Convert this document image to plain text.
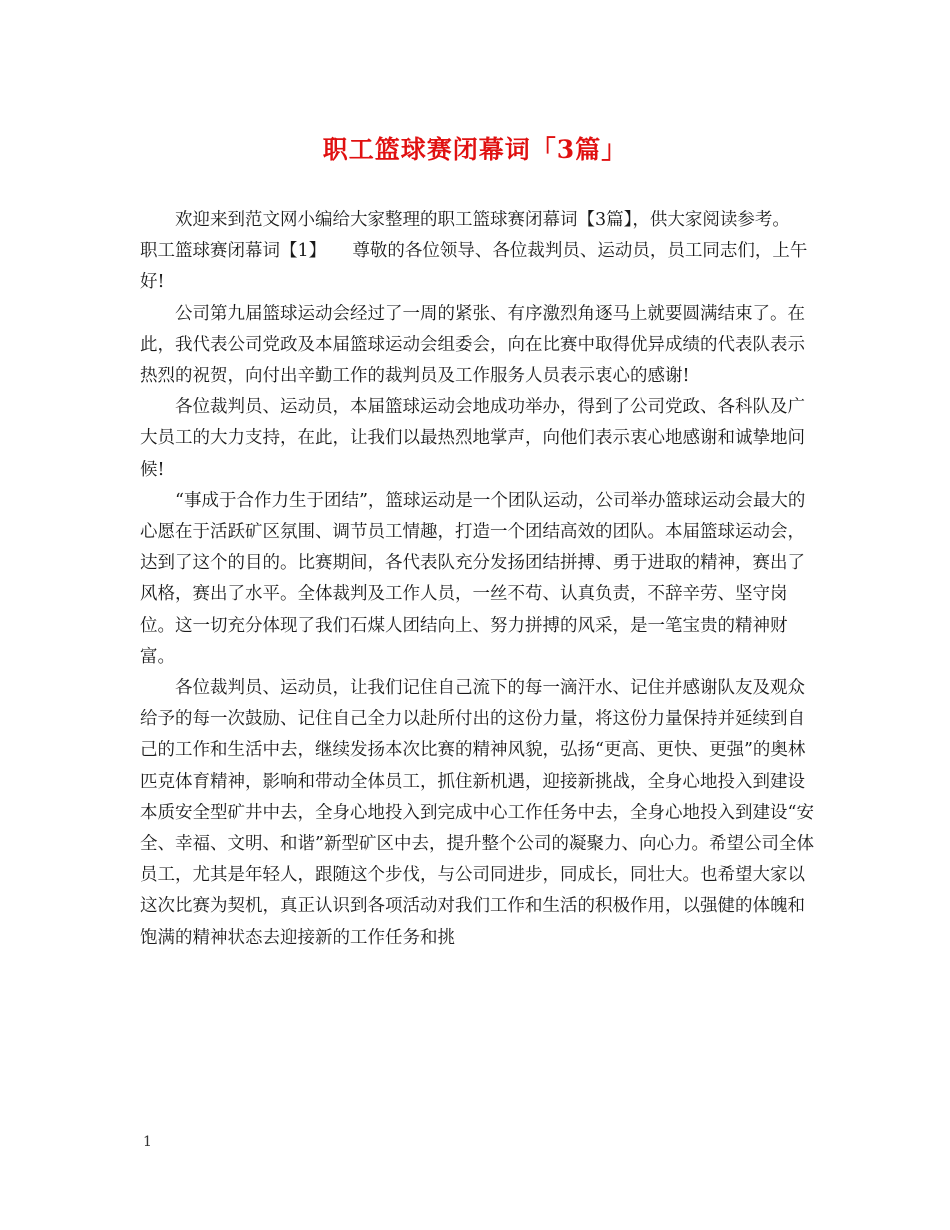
职工篮球赛闭幕词「3篇」

欢迎来到范文网小编给大家整理的职工篮球赛闭幕词【3篇】，供大家阅读参考。

职工篮球赛闭幕词【1】　　尊敬的各位领导、各位裁判员、运动员，员工同志们，上午好!

公司第九届篮球运动会经过了一周的紧张、有序激烈角逐马上就要圆满结束了。在此，我代表公司党政及本届篮球运动会组委会，向在比赛中取得优异成绩的代表队表示热烈的祝贺，向付出辛勤工作的裁判员及工作服务人员表示衷心的感谢!

各位裁判员、运动员，本届篮球运动会地成功举办，得到了公司党政、各科队及广大员工的大力支持，在此，让我们以最热烈地掌声，向他们表示衷心地感谢和诚挚地问候!

“事成于合作力生于团结”，篮球运动是一个团队运动，公司举办篮球运动会最大的心愿在于活跃矿区氛围、调节员工情趣，打造一个团结高效的团队。本届篮球运动会，达到了这个的目的。比赛期间，各代表队充分发扬团结拼搏、勇于进取的精神，赛出了风格，赛出了水平。全体裁判及工作人员，一丝不苟、认真负责，不辞辛劳、坚守岗位。这一切充分体现了我们石煤人团结向上、努力拼搏的风采，是一笔宝贵的精神财富。

各位裁判员、运动员，让我们记住自己流下的每一滴汗水、记住并感谢队友及观众给予的每一次鼓励、记住自己全力以赴所付出的这份力量，将这份力量保持并延续到自己的工作和生活中去，继续发扬本次比赛的精神风貌，弘扬“更高、更快、更强”的奥林匹克体育精神，影响和带动全体员工，抓住新机遇，迎接新挑战，全身心地投入到建设本质安全型矿井中去，全身心地投入到完成中心工作任务中去，全身心地投入到建设“安全、幸福、文明、和谐”新型矿区中去，提升整个公司的凝聚力、向心力。希望公司全体员工，尤其是年轻人，跟随这个步伐，与公司同进步，同成长，同壮大。也希望大家以这次比赛为契机，真正认识到各项活动对我们工作和生活的积极作用，以强健的体魄和饱满的精神状态去迎接新的工作任务和挑

1
